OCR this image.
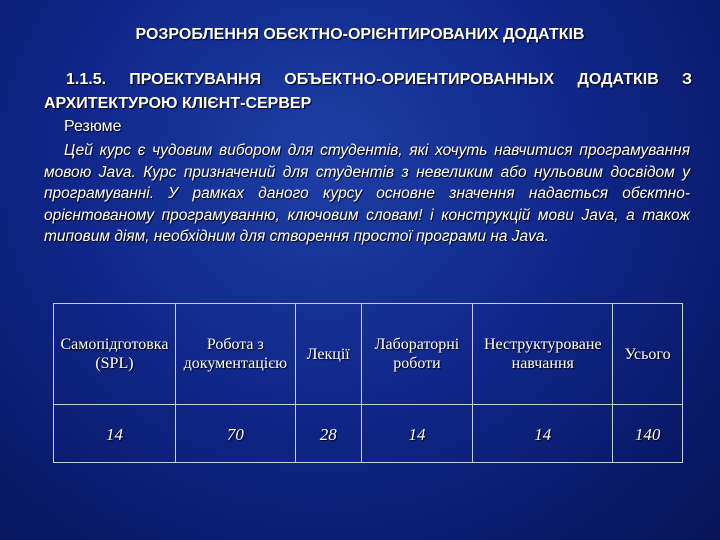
РОЗРОБЛЕННЯ ОБЄКТНО-ОРІЄНТИРОВАНИХ ДОДАТКІВ
1.1.5. ПРОЕКТУВАННЯ ОБЪЕКТНО-ОРИЕНТИРОВАННЫХ ДОДАТКІВ З АРХИТЕКТУРОЮ КЛІЄНТ-СЕРВЕР
Резюме
Цей курс є чудовим вибором для студентів, які хочуть навчитися програмування мовою Java. Курс призначений для студентів з невеликим або нульовим досвідом у програмуванні. У рамках даного курсу основне значення надається обєктно-орієнтованому програмуванню, ключовим словам! і конструкцій мови Java, а також типовим діям, необхідним для створення простої програми на Java.
Самопідготовка (SPL)	Робота з документацією	Лекції	Лабораторні роботи	Неструктуроване навчання	Усього
14	70	28	14	14	140
